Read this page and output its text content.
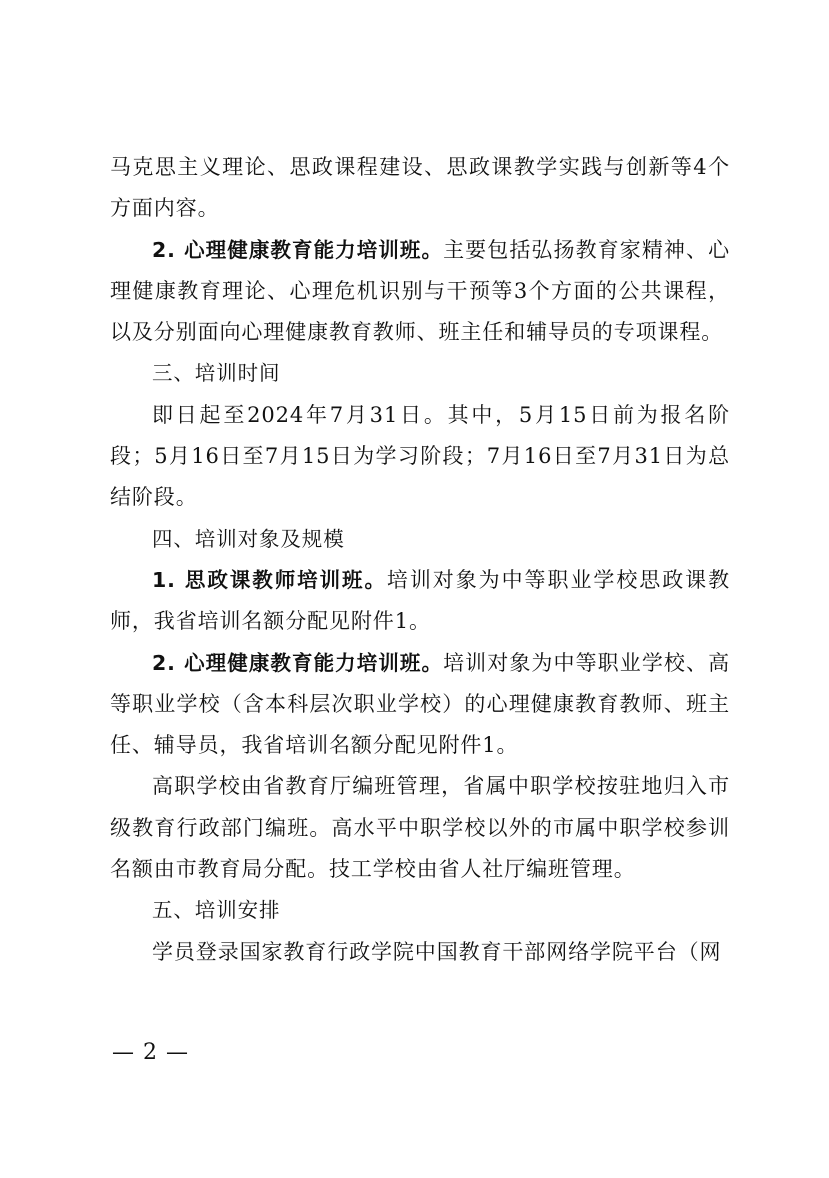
马克思主义理论、思政课程建设、思政课教学实践与创新等4个方面内容。

2. 心理健康教育能力培训班。主要包括弘扬教育家精神、心理健康教育理论、心理危机识别与干预等3个方面的公共课程，以及分别面向心理健康教育教师、班主任和辅导员的专项课程。

三、培训时间

即日起至2024年7月31日。其中，5月15日前为报名阶段；5月16日至7月15日为学习阶段；7月16日至7月31日为总结阶段。

四、培训对象及规模

1. 思政课教师培训班。培训对象为中等职业学校思政课教师，我省培训名额分配见附件1。

2. 心理健康教育能力培训班。培训对象为中等职业学校、高等职业学校（含本科层次职业学校）的心理健康教育教师、班主任、辅导员，我省培训名额分配见附件1。

高职学校由省教育厅编班管理，省属中职学校按驻地归入市级教育行政部门编班。高水平中职学校以外的市属中职学校参训名额由市教育局分配。技工学校由省人社厅编班管理。

五、培训安排

学员登录国家教育行政学院中国教育干部网络学院平台（网

— 2 —
